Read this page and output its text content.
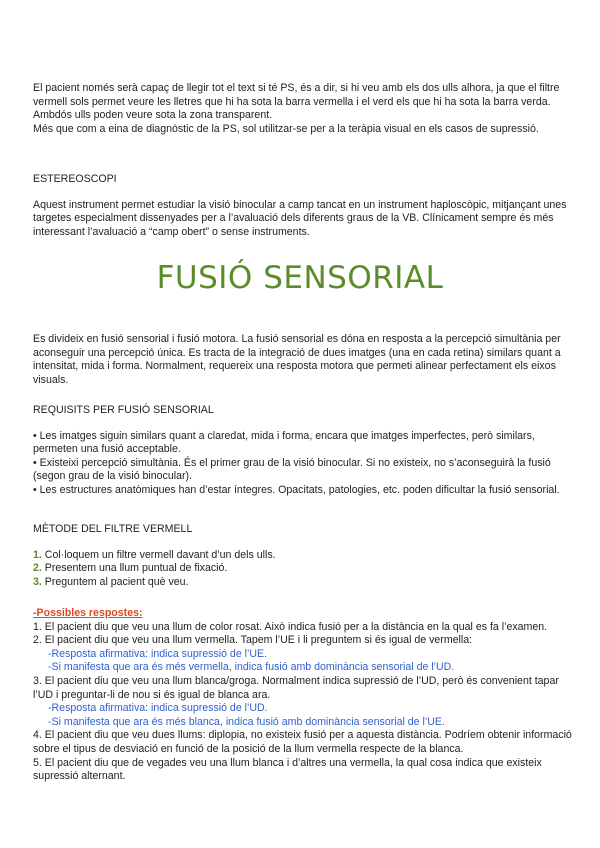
El pacient només serà capaç de llegir tot el text si té PS, és a dir, si hi veu amb els dos ulls alhora, ja que el filtre vermell sols permet veure les lletres que hi ha sota la barra vermella i el verd els que hi ha sota la barra verda. Ambdós ulls poden veure sota la zona transparent.

Més que com a eina de diagnòstic de la PS, sol utilitzar-se per a la teràpia visual en els casos de supressió.

ESTEREOSCOPI

Aquest instrument permet estudiar la visió binocular a camp tancat en un instrument haploscòpic, mitjançant unes targetes especialment dissenyades per a l’avaluació dels diferents graus de la VB. Clínicament sempre és més interessant l’avaluació a “camp obert” o sense instruments.

FUSIÓ SENSORIAL

Es divideix en fusió sensorial i fusió motora. La fusió sensorial es dóna en resposta a la percepció simultània per aconseguir una percepció única. Es tracta de la integració de dues imatges (una en cada retina) similars quant a intensitat, mida i forma. Normalment, requereix una resposta motora que permeti alinear perfectament els eixos visuals.

REQUISITS PER FUSIÓ SENSORIAL

• Les imatges siguin similars quant a claredat, mida i forma, encara que imatges imperfectes, però similars, permeten una fusió acceptable.

• Existeixi percepció simultània. És el primer grau de la visió binocular. Si no existeix, no s’aconseguirà la fusió (segon grau de la visió binocular).

• Les estructures anatòmiques han d’estar íntegres. Opacitats, patologies, etc. poden dificultar la fusió sensorial.

MÈTODE DEL FILTRE VERMELL

1. Col·loquem un filtre vermell davant d’un dels ulls.

2. Presentem una llum puntual de fixació.

3. Preguntem al pacient què veu.

-Possibles respostes:

1. El pacient diu que veu una llum de color rosat. Això indica fusió per a la distància en la qual es fa l’examen.

2. El pacient diu que veu una llum vermella. Tapem l’UE i li preguntem si és igual de vermella:

-Resposta afirmativa: indica supressió de l’UE.

-Si manifesta que ara és més vermella, indica fusió amb dominància sensorial de l’UD.

3. El pacient diu que veu una llum blanca/groga. Normalment indica supressió de l’UD, però és convenient tapar l’UD i preguntar-li de nou si és igual de blanca ara.

-Resposta afirmativa: indica supressió de l’UD.

-Si manifesta que ara és més blanca, indica fusió amb dominància sensorial de l’UE.

4. El pacient diu que veu dues llums: diplopia, no existeix fusió per a aquesta distància. Podríem obtenir informació sobre el tipus de desviació en funció de la posició de la llum vermella respecte de la blanca.

5. El pacient diu que de vegades veu una llum blanca i d’altres una vermella, la qual cosa indica que existeix supressió alternant.
